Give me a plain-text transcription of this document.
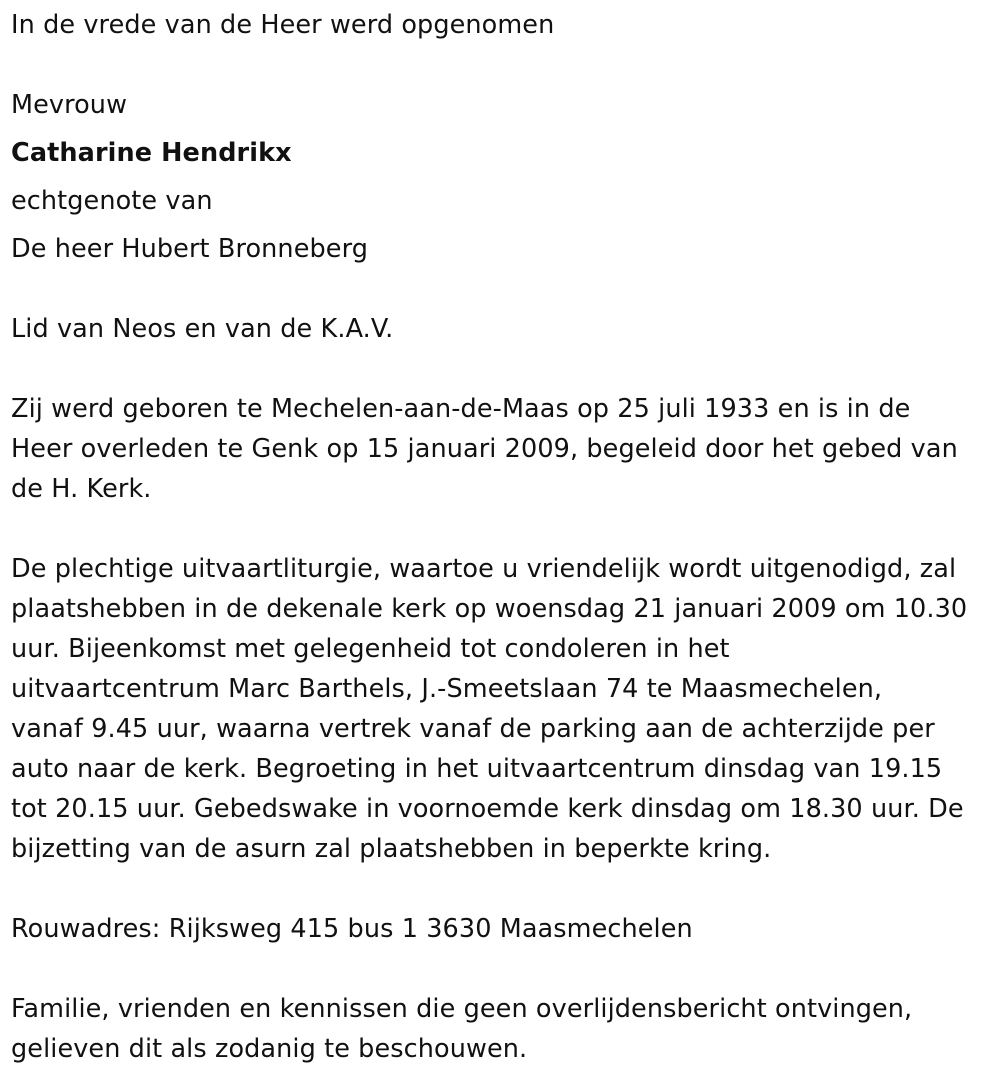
In de vrede van de Heer werd opgenomen
Mevrouw
Catharine Hendrikx
echtgenote van
De heer Hubert Bronneberg
Lid van Neos en van de K.A.V.
Zij werd geboren te Mechelen-aan-de-Maas op 25 juli 1933 en is in de
Heer overleden te Genk op 15 januari 2009, begeleid door het gebed van
de H. Kerk.
De plechtige uitvaartliturgie, waartoe u vriendelijk wordt uitgenodigd, zal
plaatshebben in de dekenale kerk op woensdag 21 januari 2009 om 10.30
uur. Bijeenkomst met gelegenheid tot condoleren in het
uitvaartcentrum Marc Barthels, J.-Smeetslaan 74 te Maasmechelen,
vanaf 9.45 uur, waarna vertrek vanaf de parking aan de achterzijde per
auto naar de kerk. Begroeting in het uitvaartcentrum dinsdag van 19.15
tot 20.15 uur. Gebedswake in voornoemde kerk dinsdag om 18.30 uur. De
bijzetting van de asurn zal plaatshebben in beperkte kring.
Rouwadres: Rijksweg 415 bus 1 3630 Maasmechelen
Familie, vrienden en kennissen die geen overlijdensbericht ontvingen,
gelieven dit als zodanig te beschouwen.
